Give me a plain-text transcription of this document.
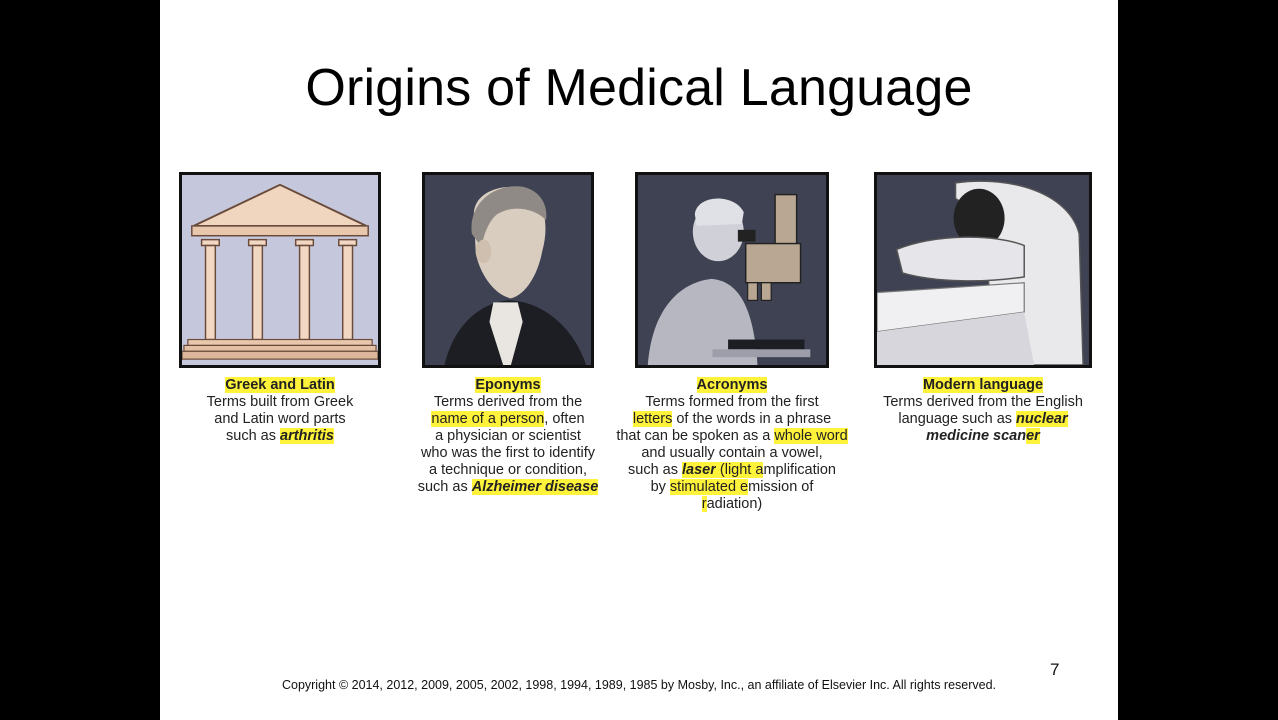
Origins of Medical Language
Greek and Latin
Terms built from Greek
and Latin word parts
such as arthritis
Eponyms
Terms derived from the
name of a person, often
a physician or scientist
who was the first to identify
a technique or condition,
such as Alzheimer disease
Acronyms
Terms formed from the first
letters of the words in a phrase
that can be spoken as a whole word
and usually contain a vowel,
such as laser (light amplification
by stimulated emission of
radiation)
Modern language
Terms derived from the English
language such as nuclear
medicine scaner
7
Copyright © 2014, 2012, 2009, 2005, 2002, 1998, 1994, 1989, 1985 by Mosby, Inc., an affiliate of Elsevier Inc. All rights reserved.
